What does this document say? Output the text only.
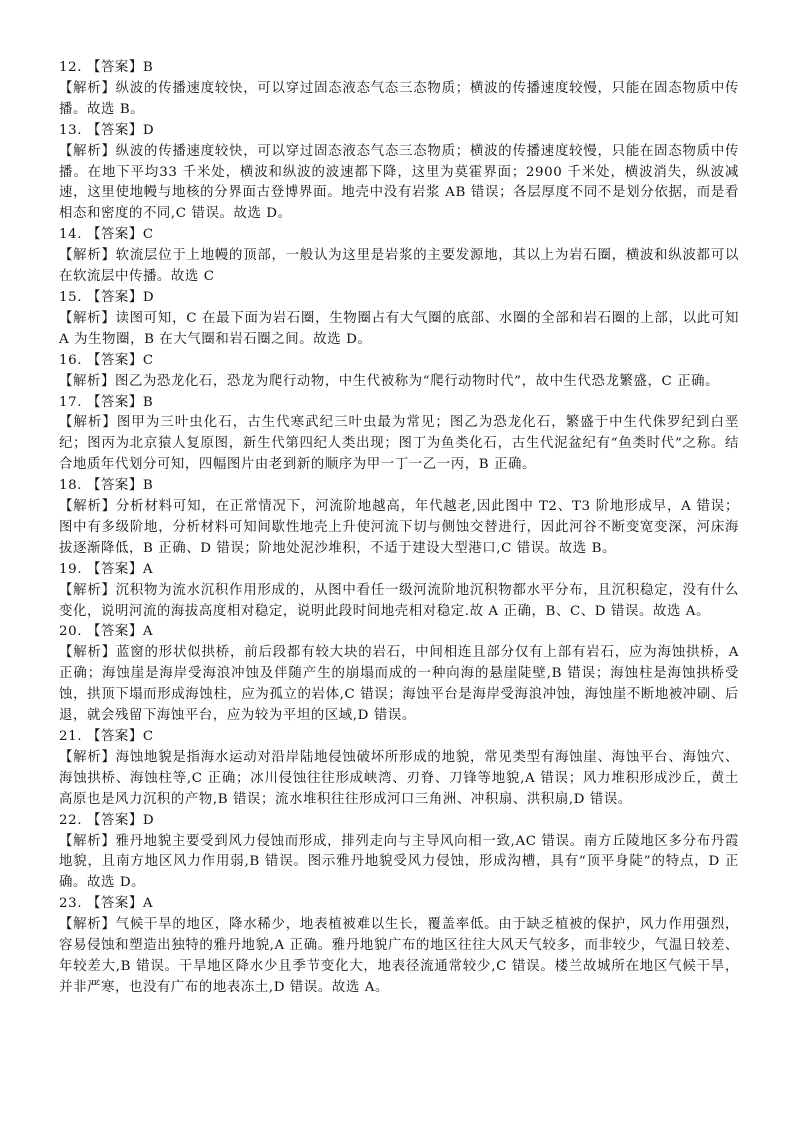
12. 【答案】B

【解析】纵波的传播速度较快，可以穿过固态液态气态三态物质；横波的传播速度较慢，只能在固态物质中传播。故选 B。

13. 【答案】D

【解析】纵波的传播速度较快，可以穿过固态液态气态三态物质；横波的传播速度较慢，只能在固态物质中传播。在地下平均33 千米处，横波和纵波的波速都下降，这里为莫霍界面；2900 千米处，横波消失，纵波减速，这里使地幔与地核的分界面古登博界面。地壳中没有岩浆 AB 错误；各层厚度不同不是划分依据，而是看相态和密度的不同,C 错误。故选 D。

14. 【答案】C

【解析】软流层位于上地幔的顶部，一般认为这里是岩浆的主要发源地，其以上为岩石圈，横波和纵波都可以在软流层中传播。故选 C

15. 【答案】D

【解析】读图可知，C 在最下面为岩石圈，生物圈占有大气圈的底部、水圈的全部和岩石圈的上部，以此可知 A 为生物圈，B 在大气圈和岩石圈之间。故选 D。

16. 【答案】C

【解析】图乙为恐龙化石，恐龙为爬行动物，中生代被称为“爬行动物时代”，故中生代恐龙繁盛，C 正确。

17. 【答案】B

【解析】图甲为三叶虫化石，古生代寒武纪三叶虫最为常见；图乙为恐龙化石，繁盛于中生代侏罗纪到白垩纪；图丙为北京猿人复原图，新生代第四纪人类出现；图丁为鱼类化石，古生代泥盆纪有“鱼类时代”之称。结合地质年代划分可知，四幅图片由老到新的顺序为甲一丁一乙一丙，B 正确。

18. 【答案】B

【解析】分析材料可知，在正常情况下，河流阶地越高，年代越老,因此图中 T2、T3 阶地形成早，A 错误；图中有多级阶地，分析材料可知间歇性地壳上升使河流下切与侧蚀交替进行，因此河谷不断变宽变深，河床海拔逐渐降低，B 正确、D 错误；阶地处泥沙堆积，不适于建设大型港口,C 错误。故选 B。

19. 【答案】A

【解析】沉积物为流水沉积作用形成的，从图中看任一级河流阶地沉积物都水平分布，且沉积稳定，没有什么变化，说明河流的海拔高度相对稳定，说明此段时间地壳相对稳定.故 A 正确，B、C、D 错误。故选 A。

20. 【答案】A

【解析】蓝窗的形状似拱桥，前后段都有较大块的岩石，中间相连且部分仅有上部有岩石，应为海蚀拱桥，A 正确；海蚀崖是海岸受海浪冲蚀及伴随产生的崩塌而成的一种向海的悬崖陡壁,B 错误；海蚀柱是海蚀拱桥受蚀，拱顶下塌而形成海蚀柱，应为孤立的岩体,C 错误；海蚀平台是海岸受海浪冲蚀，海蚀崖不断地被冲刷、后退，就会残留下海蚀平台，应为较为平坦的区域,D 错误。

21. 【答案】C

【解析】海蚀地貌是指海水运动对沿岸陆地侵蚀破坏所形成的地貌，常见类型有海蚀崖、海蚀平台、海蚀穴、海蚀拱桥、海蚀柱等,C 正确；冰川侵蚀往往形成峡湾、刃脊、刀锋等地貌,A 错误；风力堆积形成沙丘，黄土高原也是风力沉积的产物,B 错误；流水堆积往往形成河口三角洲、冲积扇、洪积扇,D 错误。

22. 【答案】D

【解析】雅丹地貌主要受到风力侵蚀而形成，排列走向与主导风向相一致,AC 错误。南方丘陵地区多分布丹霞地貌，且南方地区风力作用弱,B 错误。图示雅丹地貌受风力侵蚀，形成沟槽，具有“顶平身陡”的特点，D 正确。故选 D。

23. 【答案】A

【解析】气候干旱的地区，降水稀少，地表植被难以生长，覆盖率低。由于缺乏植被的保护，风力作用强烈，容易侵蚀和塑造出独特的雅丹地貌,A 正确。雅丹地貌广布的地区往往大风天气较多，而非较少，气温日较差、年较差大,B 错误。干旱地区降水少且季节变化大，地表径流通常较少,C 错误。楼兰故城所在地区气候干旱，并非严寒，也没有广布的地表冻土,D 错误。故选 A。
